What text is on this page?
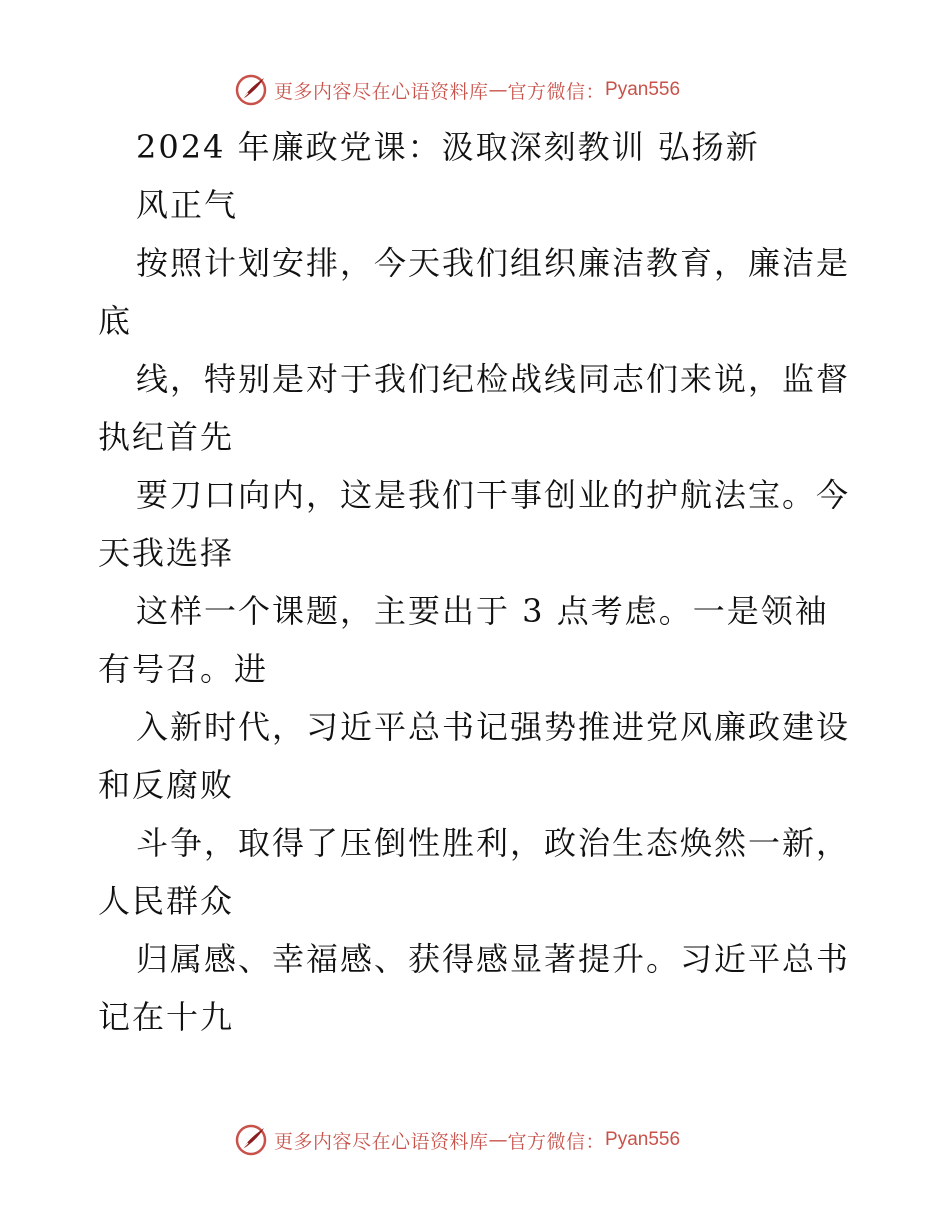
更多内容尽在心语资料库 — 官方微信： Pyan556
2024 年廉政党课：汲取深刻教训 弘扬新
风正气
按照计划安排，今天我们组织廉洁教育，廉洁是
底
线，特别是对于我们纪检战线同志们来说，监督
执纪首先
要刀口向内，这是我们干事创业的护航法宝。今
天我选择
这样一个课题，主要出于 3 点考虑。一是领袖
有号召。进
入新时代，习近平总书记强势推进党风廉政建设
和反腐败
斗争，取得了压倒性胜利，政治生态焕然一新，
人民群众
归属感、幸福感、获得感显著提升。习近平总书
记在十九
更多内容尽在心语资料库 — 官方微信： Pyan556
